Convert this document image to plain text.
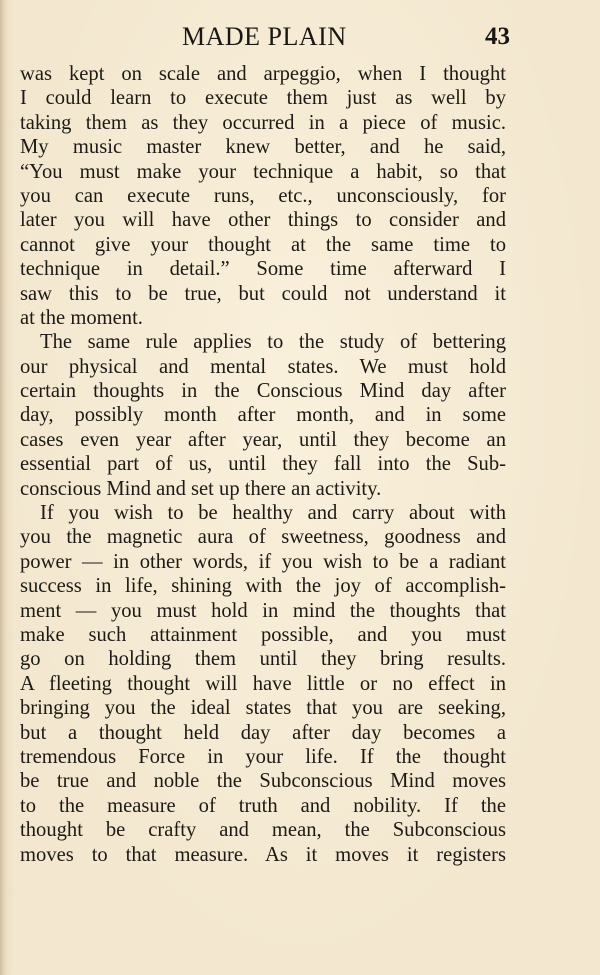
MADE PLAIN	43
was kept on scale and arpeggio, when I thought
I could learn to execute them just as well by
taking them as they occurred in a piece of music.
My music master knew better, and he said,
“You must make your technique a habit, so that
you can execute runs, etc., unconsciously, for
later you will have other things to consider and
cannot give your thought at the same time to
technique in detail.” Some time afterward I
saw this to be true, but could not understand it
at the moment.
The same rule applies to the study of bettering
our physical and mental states. We must hold
certain thoughts in the Conscious Mind day after
day, possibly month after month, and in some
cases even year after year, until they become an
essential part of us, until they fall into the Sub-
conscious Mind and set up there an activity.
If you wish to be healthy and carry about with
you the magnetic aura of sweetness, goodness and
power — in other words, if you wish to be a radiant
success in life, shining with the joy of accomplish-
ment — you must hold in mind the thoughts that
make such attainment possible, and you must
go on holding them until they bring results.
A fleeting thought will have little or no effect in
bringing you the ideal states that you are seeking,
but a thought held day after day becomes a
tremendous Force in your life. If the thought
be true and noble the Subconscious Mind moves
to the measure of truth and nobility. If the
thought be crafty and mean, the Subconscious
moves to that measure. As it moves it registers
